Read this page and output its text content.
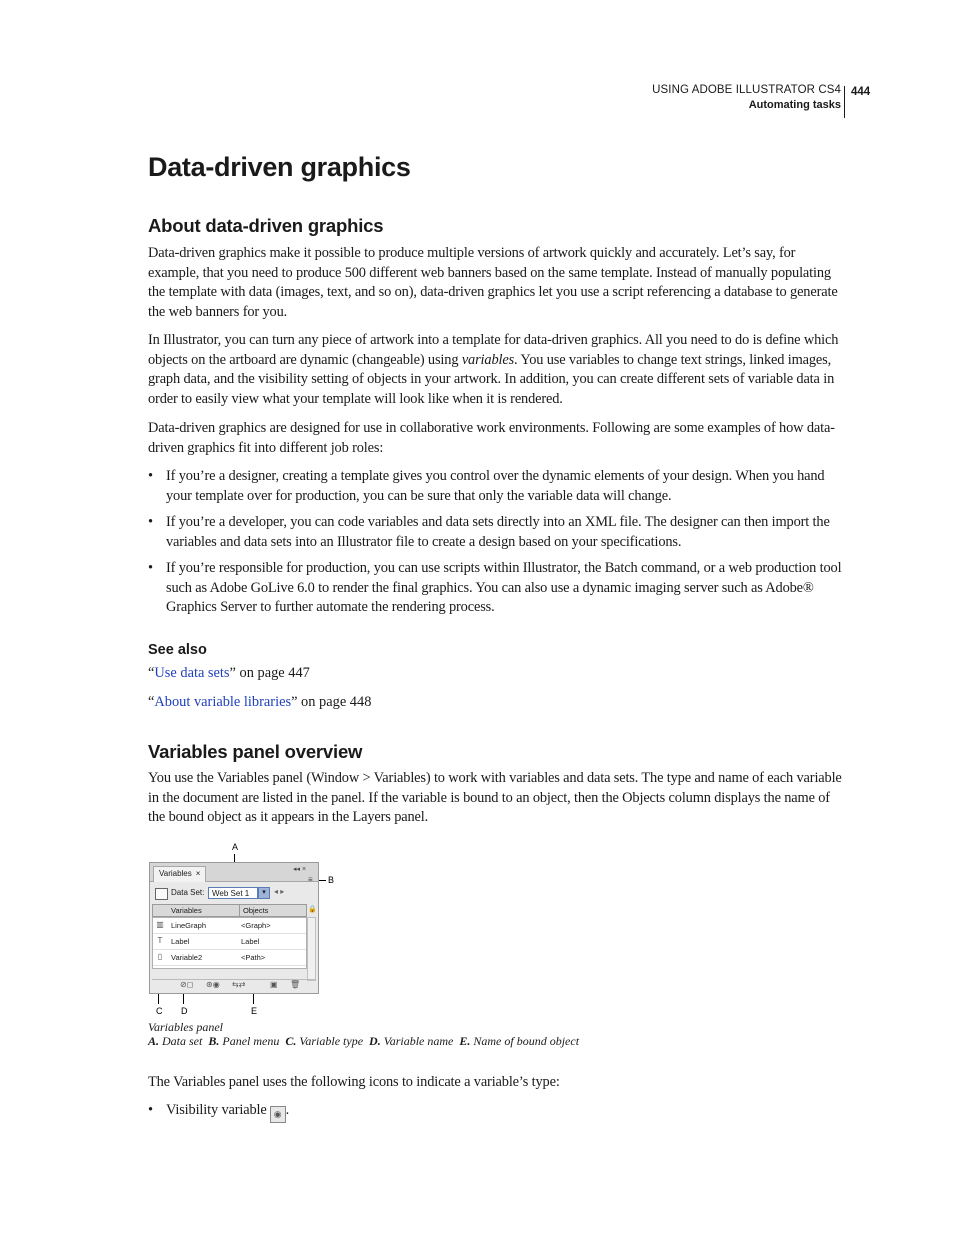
USING ADOBE ILLUSTRATOR CS4
Automating tasks
444
Data-driven graphics
About data-driven graphics

Data-driven graphics make it possible to produce multiple versions of artwork quickly and accurately. Let’s say, for example, that you need to produce 500 different web banners based on the same template. Instead of manually populating the template with data (images, text, and so on), data-driven graphics let you use a script referencing a database to generate the web banners for you.

In Illustrator, you can turn any piece of artwork into a template for data-driven graphics. All you need to do is define which objects on the artboard are dynamic (changeable) using variables. You use variables to change text strings, linked images, graph data, and the visibility setting of objects in your artwork. In addition, you can create different sets of variable data in order to easily view what your template will look like when it is rendered.

Data-driven graphics are designed for use in collaborative work environments. Following are some examples of how data-driven graphics fit into different job roles:

• If you’re a designer, creating a template gives you control over the dynamic elements of your design. When you hand your template over for production, you can be sure that only the variable data will change.
• If you’re a developer, you can code variables and data sets directly into an XML file. The designer can then import the variables and data sets into an Illustrator file to create a design based on your specifications.
• If you’re responsible for production, you can use scripts within Illustrator, the Batch command, or a web production tool such as Adobe GoLive 6.0 to render the final graphics. You can also use a dynamic imaging server such as Adobe® Graphics Server to further automate the rendering process.
See also
“Use data sets” on page 447
“About variable libraries” on page 448
Variables panel overview

You use the Variables panel (Window > Variables) to work with variables and data sets. The type and name of each variable in the document are listed in the panel. If the variable is bound to an object, then the Objects column displays the name of the bound object as it appears in the Layers panel.

A
B
C D	E
Variables ×	◂◂ ×
≡
Data Set: Web Set 1	▾	◂ ▸
Variables	Objects	🔒
▥ LineGraph	<Graph>
T Label	Label
▯ Variable2	<Path>
⊘◻ ⊛◉ ⇆⇄	▣ 🗑
Variables panel
A. Data set B. Panel menu C. Variable type D. Variable name E. Name of bound object

The Variables panel uses the following icons to indicate a variable’s type:

• Visibility variable ◉ .
